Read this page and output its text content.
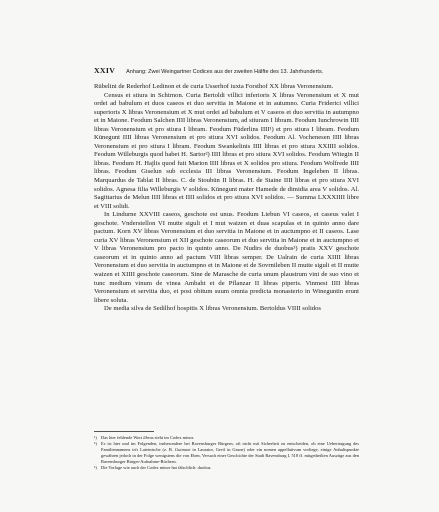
XXIV Anhang: Zwei Weingartner Codices aus der zweiten Hälfte des 13. Jahrhunderts.

Rūbelini de Rederhof Ledinon et de curia Usserhof iuxta Forsthof XX libras Veronensium.

Census et stiura in Schirnon. Curia Bertoldi villici inferioris X libras Veronensium et X mut ordei ad babulum et duos caseos et duo servitia in Maione et in autumno. Curia Friderici villici superioris X libras Veronensium et X mut ordei ad babulum et V caseos et duo servitia in autumpno et in Maione. Feodum Salchen IIII libras Veronensium, ad stiuram I libram. Feodum Iunchrowin IIII libras Veronensium et pro stiura I libram. Feodum Fūderlins IIII¹) et pro stiura I libram. Feodum Kūnegunt IIII libras Veronensium et pro stiura XVI solidos. Feodum Al. Vochenesen IIII libras Veronensium et pro stiura I libram. Feodum Swankelinis IIII libras et pro stiura XXIIII solidos. Feodum Willeburgis quod habet H. Sartor²) IIII libras et pro stiura XVI solidos. Feodum Witegin II libras. Feodum H. Hajlis quod fuit Marion IIII libras et X solidos pro stiura. Feodum Wolfrede IIII libras. Feodum Giselun sub ecclesia III libras Veronensium. Feodum Ingeleben II libras. Marquardus de Tablat II libras. C. de Stoubūn II libras. H. de Staine IIII libras et pro stiura XVI solidos. Agnesa filia Willeburgis V solidos. Kūnegunt mater Hamede de dimidia area V solidos. Al. Sagittarius de Melun IIII libras et IIII solidos et pro stiura XVI solidos. — Summa LXXXIIII libre et VIII solidi.

In Lindurne XXVIII caseos, geschote est unus. Feodum Liebun VI caseos, et caseus valet I geschote. Vnderstellon VI mutte siguli et I mut waizen et duas scapulas et in quinto anno dare pactum. Korn XV libras Veronensium et duo servitia in Maione et in auctumpno et II caseos. Lase curia XV libras Veronensium et XII geschote caseorum et duo servitia in Maione et in auctumpno et V libras Veronensium pro pacto in quinto anno. De Nudirs de duobus³) pratis XXV geschote caseorum et in quinto anno ad pactum VIII libras semper. De Ualrain de curia XIIII libras Veronensium et duo servitia in auctumpno et in Maione et de Sovrnileben II mutte siguli et II mutte waizen et XIIII geschote caseorum. Sine de Marasche de curia unum plaustrum vini de suo vino et tunc medium vinum de vinea Ambaht et de Pflanzar II libras piperis. Vinmest IIII libras Veronensium et servitia duo, et post obitum suum omnia predicta monasterio in Wineguntin erunt libere soluta.

De media silva de Sedilhof hospitis X libras Veronensium. Bertoldus VIIII solidos

¹) Das hier fehlende Wort libras steht im Codex minor.

²) Es ist hier und im Folgenden, insbesondere bei Ravensburger Bürgern, oft nicht mit Sicherheit zu entscheiden, ob eine Uebertragung des Familiennamens in's Lateinische (z. B. Gutmuot in Laurator, Greif in Grune) oder ein nomen appellativum vorliege, einige Anhaltspunkte gewähren jedoch in der Folge wenigstens die von Eben, Versuch einer Geschichte der Stadt Ravensburg I, 518 ff. mitgetheilten Auszüge aus den Ravensburger Bürger-Aufnahme-Büchern.

³) Die Vorlage wie auch der Codex minor hat fälschlich: duobus.
